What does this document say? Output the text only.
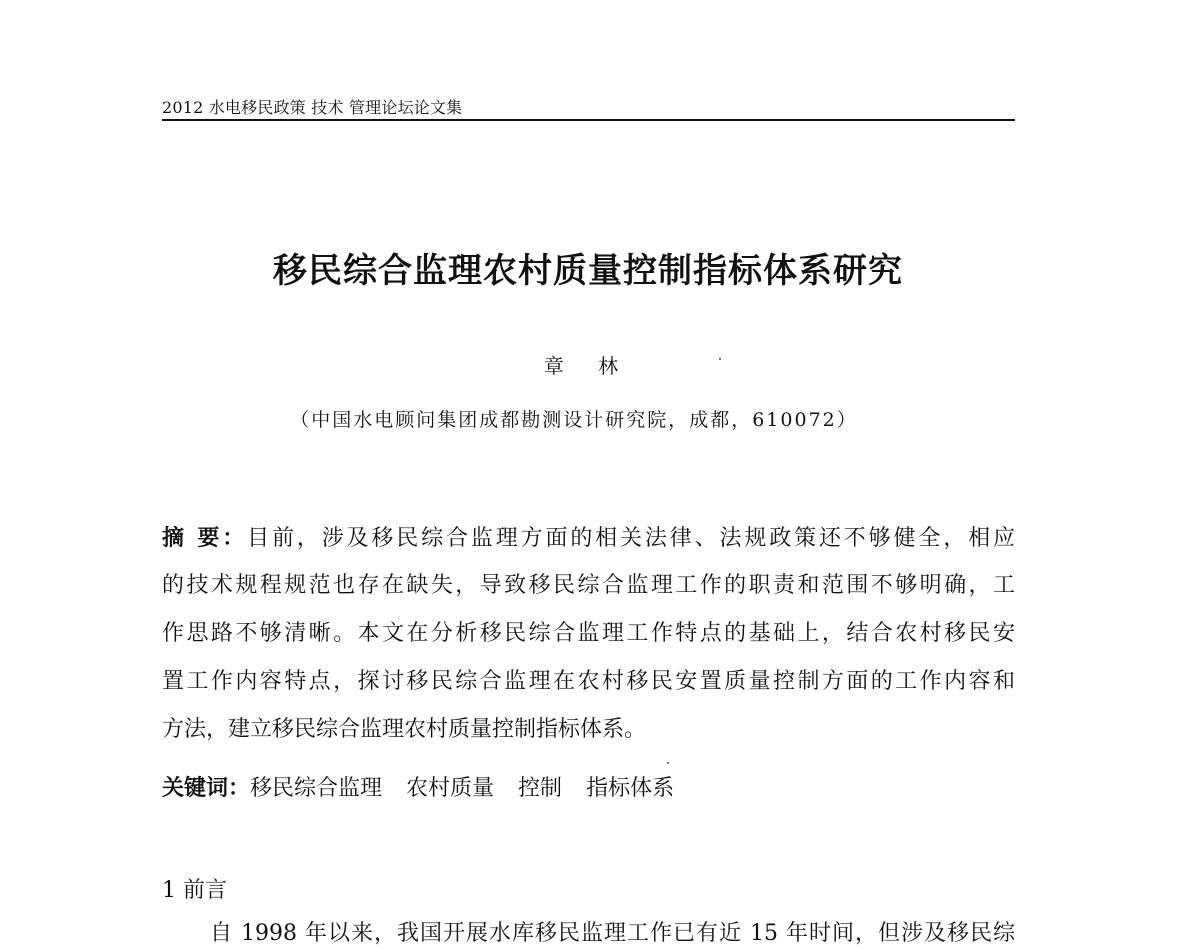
2012 水电移民政策 技术 管理论坛论文集
移民综合监理农村质量控制指标体系研究
章 林
（中国水电顾问集团成都勘测设计研究院，成都，610072）
摘 要：目前，涉及移民综合监理方面的相关法律、法规政策还不够健全，相应
的技术规程规范也存在缺失，导致移民综合监理工作的职责和范围不够明确，工
作思路不够清晰。本文在分析移民综合监理工作特点的基础上，结合农村移民安
置工作内容特点，探讨移民综合监理在农村移民安置质量控制方面的工作内容和
方法，建立移民综合监理农村质量控制指标体系。
关键词：移民综合监理 农村质量 控制 指标体系
1 前言
自 1998 年以来，我国开展水库移民监理工作已有近 15 年时间，但涉及移民综
